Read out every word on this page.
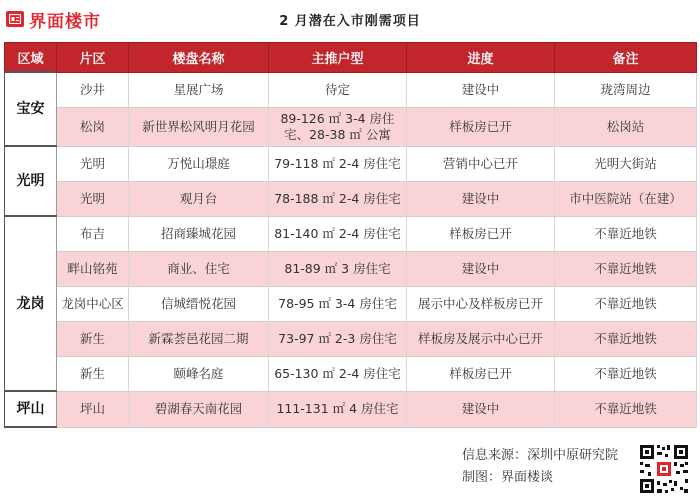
界面楼市	2 月潜在入市刚需项目
区域	片区	楼盘名称	主推户型	进度	备注
宝安	沙井	星展广场	待定	建设中	珑湾周边
	松岗	新世界松风明月花园	89-126 ㎡ 3-4 房住宅、28-38 ㎡ 公寓	样板房已开	松岗站
光明	光明	万悦山璟庭	79-118 ㎡ 2-4 房住宅	营销中心已开	光明大街站
	光明	观月台	78-188 ㎡ 2-4 房住宅	建设中	市中医院站（在建）
龙岗	布吉	招商臻城花园	81-140 ㎡ 2-4 房住宅	样板房已开	不靠近地铁
	畔山铭苑	商业、住宅	81-89 ㎡ 3 房住宅	建设中	不靠近地铁
	龙岗中心区	信城缙悦花园	78-95 ㎡ 3-4 房住宅	展示中心及样板房已开	不靠近地铁
	新生	新霖荟邑花园二期	73-97 ㎡ 2-3 房住宅	样板房及展示中心已开	不靠近地铁
	新生	颐峰名庭	65-130 ㎡ 2-4 房住宅	样板房已开	不靠近地铁
坪山	坪山	碧湖春天南花园	111-131 ㎡ 4 房住宅	建设中	不靠近地铁
信息来源：深圳中原研究院
制图：界面楼谈
